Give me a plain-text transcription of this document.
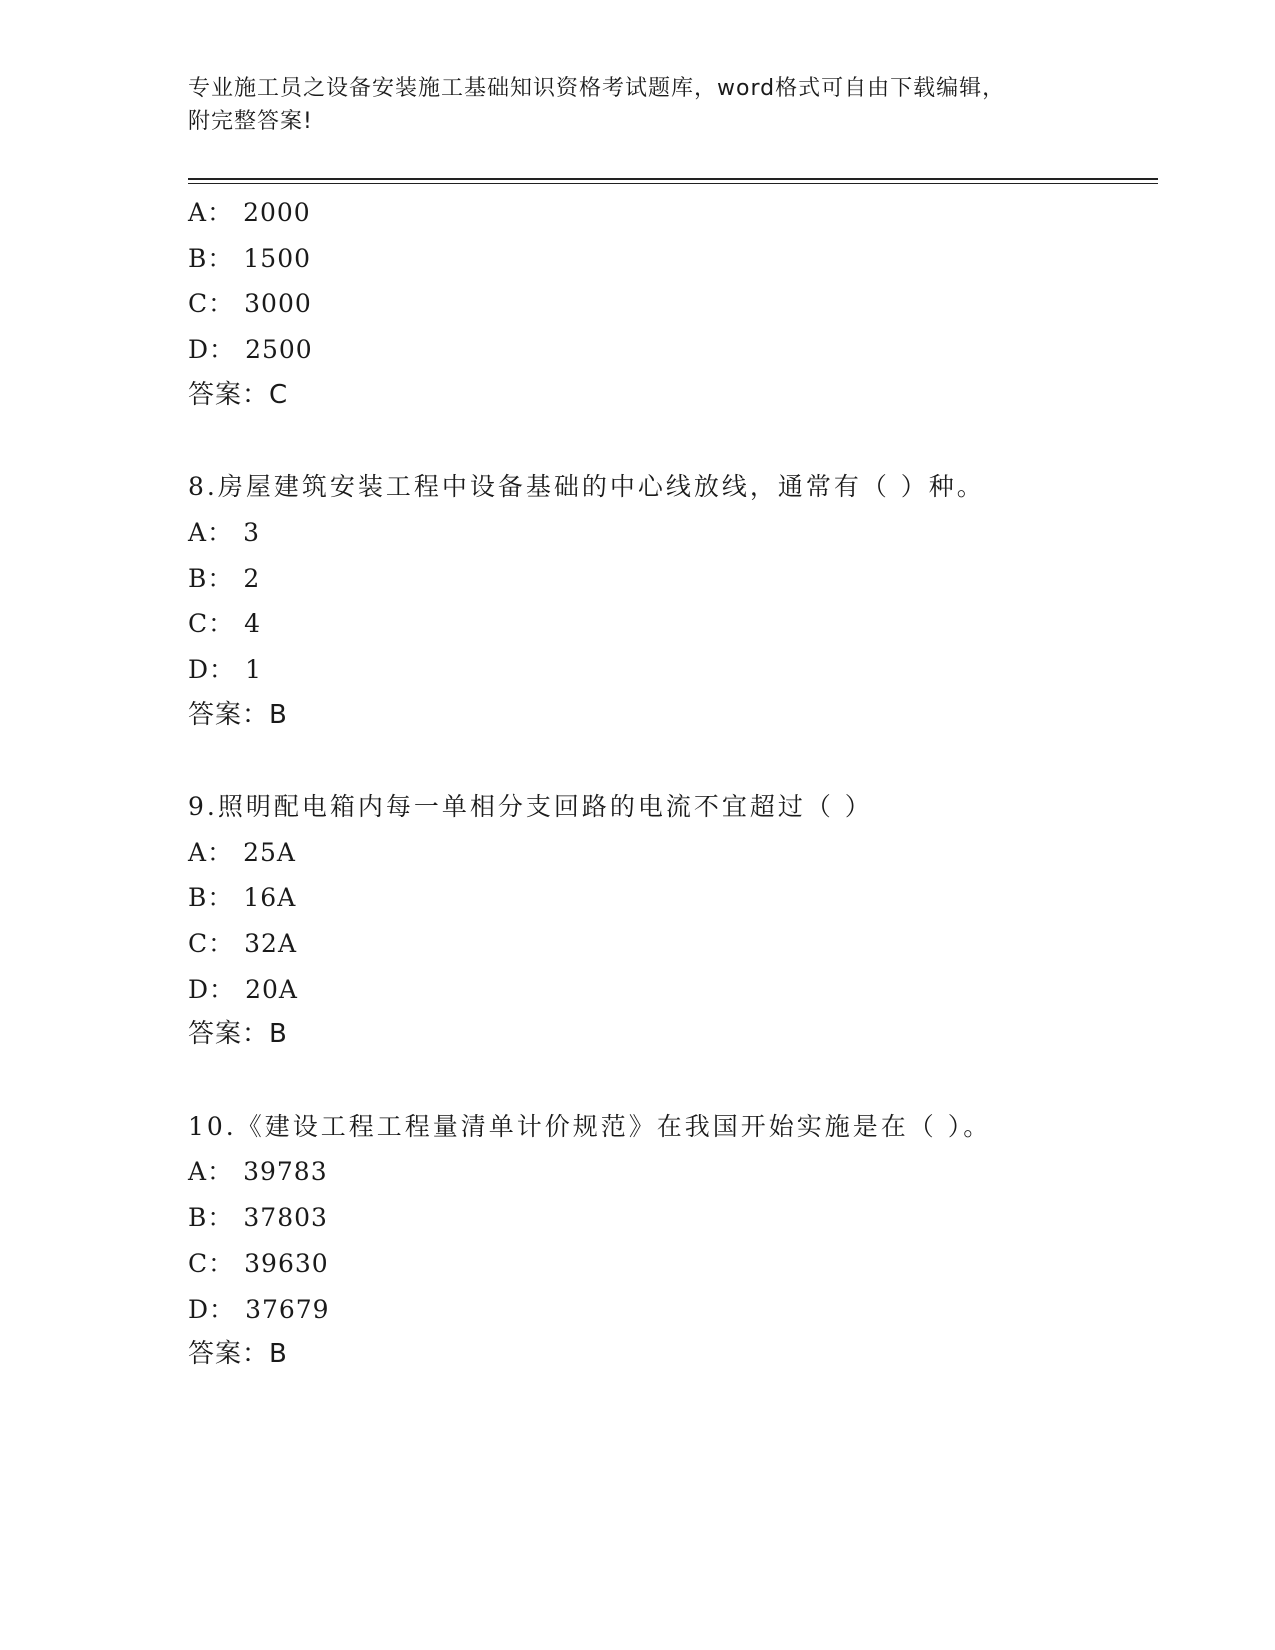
专业施工员之设备安装施工基础知识资格考试题库，word格式可自由下载编辑，
附完整答案!
A： 2000
B： 1500
C： 3000
D： 2500
答案：C
8.房屋建筑安装工程中设备基础的中心线放线，通常有（ ）种。
A： 3
B： 2
C： 4
D： 1
答案：B
9.照明配电箱内每一单相分支回路的电流不宜超过（ ）
A： 25A
B： 16A
C： 32A
D： 20A
答案：B
10.《建设工程工程量清单计价规范》在我国开始实施是在（ ）。
A： 39783
B： 37803
C： 39630
D： 37679
答案：B
